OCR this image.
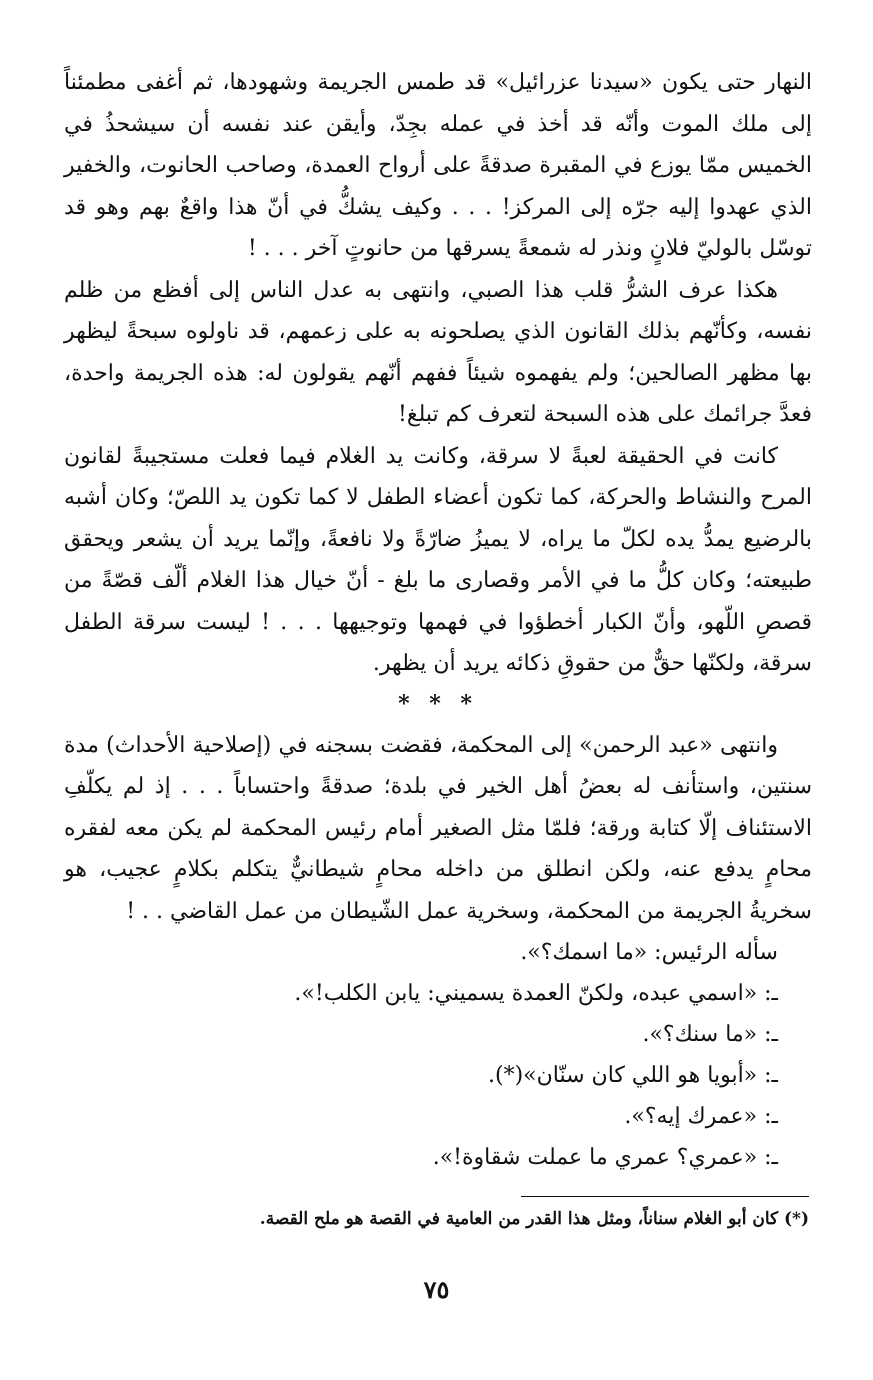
النهار حتى يكون «سيدنا عزرائيل» قد طمس الجريمة وشهودها، ثم أغفى مطمئناً إلى ملك الموت وأنّه قد أخذ في عمله بجِدّ، وأيقن عند نفسه أن سيشحذُ في الخميس ممّا يوزع في المقبرة صدقةً على أرواح العمدة، وصاحب الحانوت، والخفير الذي عهدوا إليه جرّه إلى المركز! . . . وكيف يشكُّ في أنّ هذا واقعٌ بهم وهو قد توسّل بالوليّ فلانٍ ونذر له شمعةً يسرقها من حانوتٍ آخر . . . !

هكذا عرف الشرُّ قلب هذا الصبي، وانتهى به عدل الناس إلى أفظع من ظلم نفسه، وكأنّهم بذلك القانون الذي يصلحونه به على زعمهم، قد ناولوه سبحةً ليظهر بها مظهر الصالحين؛ ولم يفهموه شيئاً ففهم أنّهم يقولون له: هذه الجريمة واحدة، فعدَّ جرائمك على هذه السبحة لتعرف كم تبلغ!

كانت في الحقيقة لعبةً لا سرقة، وكانت يد الغلام فيما فعلت مستجيبةً لقانون المرح والنشاط والحركة، كما تكون أعضاء الطفل لا كما تكون يد اللصّ؛ وكان أشبه بالرضيع يمدُّ يده لكلّ ما يراه، لا يميزُ ضارّةً ولا نافعةً، وإنّما يريد أن يشعر ويحقق طبيعته؛ وكان كلُّ ما في الأمر وقصارى ما بلغ - أنّ خيال هذا الغلام ألّف قصّةً من قصصِ اللّهو، وأنّ الكبار أخطؤوا في فهمها وتوجيهها . . . ! ليست سرقة الطفل سرقة، ولكنّها حقٌّ من حقوقِ ذكائه يريد أن يظهر.

* * *

وانتهى «عبد الرحمن» إلى المحكمة، فقضت بسجنه في (إصلاحية الأحداث) مدة سنتين، واستأنف له بعضُ أهل الخير في بلدة؛ صدقةً واحتساباً . . . إذ لم يكلّفِ الاستئناف إلّا كتابة ورقة؛ فلمّا مثل الصغير أمام رئيس المحكمة لم يكن معه لفقره محامٍ يدفع عنه، ولكن انطلق من داخله محامٍ شيطانيٌّ يتكلم بكلامٍ عجيب، هو سخريةُ الجريمة من المحكمة، وسخرية عمل الشّيطان من عمل القاضي . . !

سأله الرئيس: «ما اسمك؟».
ـ: «اسمي عبده، ولكنّ العمدة يسميني: يابن الكلب!».
ـ: «ما سنك؟».
ـ: «أبويا هو اللي كان سنّان»(*).
ـ: «عمرك إيه؟».
ـ: «عمري؟ عمري ما عملت شقاوة!».

(*) كان أبو الغلام سناناً، ومثل هذا القدر من العامية في القصة هو ملح القصة.

٧٥
